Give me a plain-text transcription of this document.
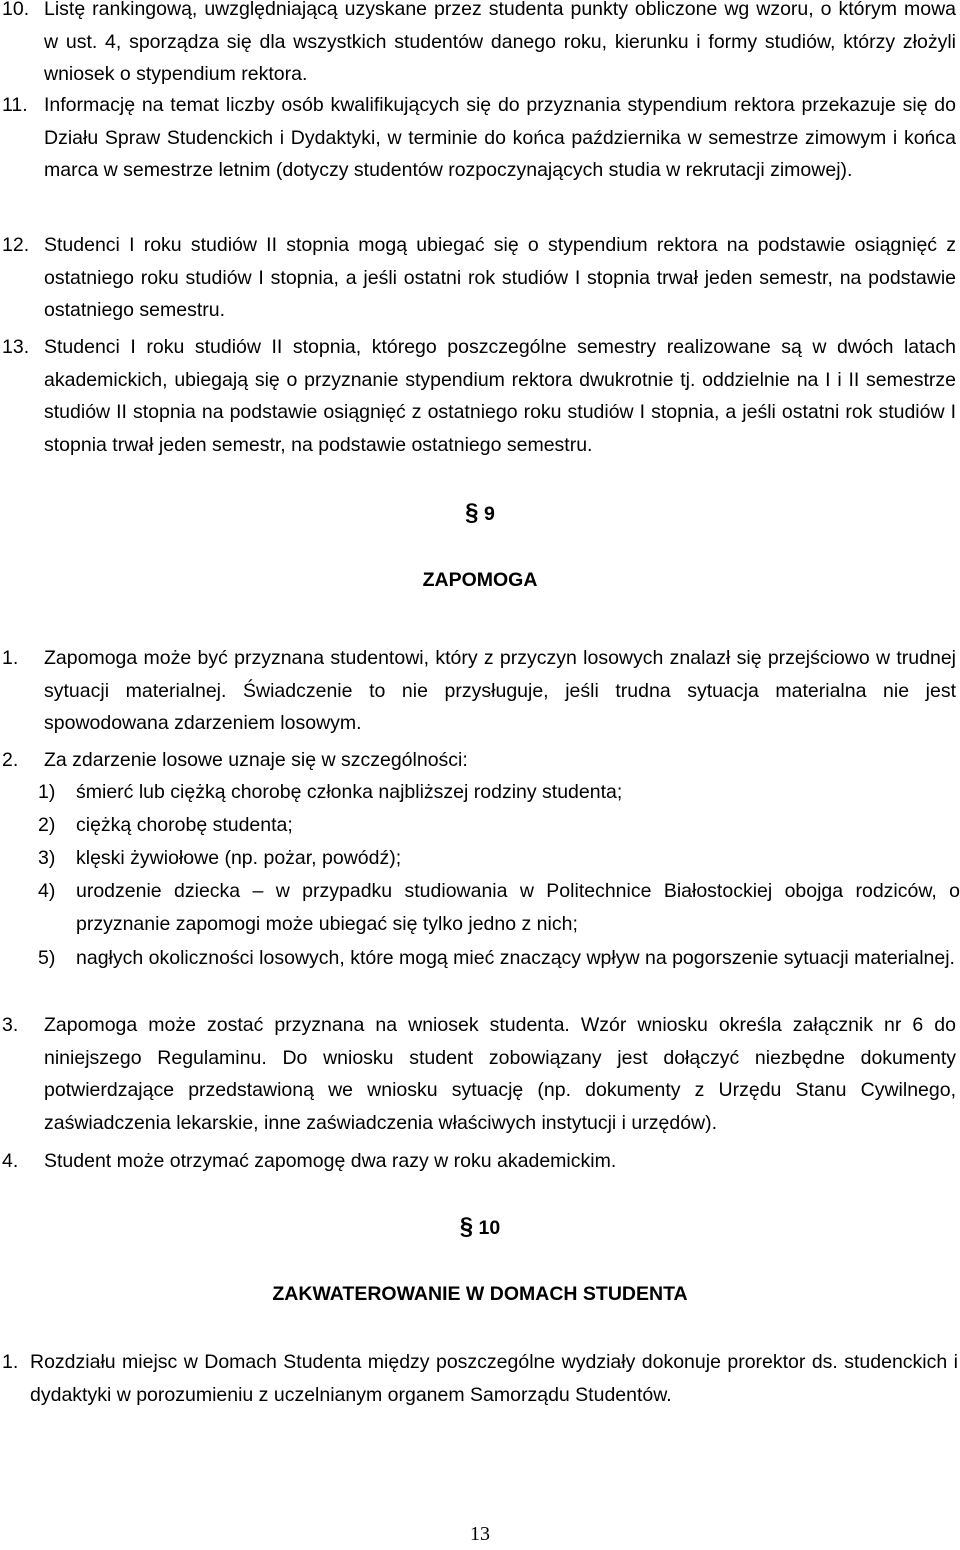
10. Listę rankingową, uwzględniającą uzyskane przez studenta punkty obliczone wg wzoru, o którym mowa w ust. 4, sporządza się dla wszystkich studentów danego roku, kierunku i formy studiów, którzy złożyli wniosek o stypendium rektora.
11. Informację na temat liczby osób kwalifikujących się do przyznania stypendium rektora przekazuje się do Działu Spraw Studenckich i Dydaktyki, w terminie do końca października w semestrze zimowym i końca marca w semestrze letnim (dotyczy studentów rozpoczynających studia w rekrutacji zimowej).
12. Studenci I roku studiów II stopnia mogą ubiegać się o stypendium rektora na podstawie osiągnięć z ostatniego roku studiów I stopnia, a jeśli ostatni rok studiów I stopnia trwał jeden semestr, na podstawie ostatniego semestru.
13. Studenci I roku studiów II stopnia, którego poszczególne semestry realizowane są w dwóch latach akademickich, ubiegają się o przyznanie stypendium rektora dwukrotnie tj. oddzielnie na I i II semestrze studiów II stopnia na podstawie osiągnięć z ostatniego roku studiów I stopnia, a jeśli ostatni rok studiów I stopnia trwał jeden semestr, na podstawie ostatniego semestru.
§ 9
ZAPOMOGA
1. Zapomoga może być przyznana studentowi, który z przyczyn losowych znalazł się przejściowo w trudnej sytuacji materialnej. Świadczenie to nie przysługuje, jeśli trudna sytuacja materialna nie jest spowodowana zdarzeniem losowym.
2. Za zdarzenie losowe uznaje się w szczególności:
1) śmierć lub ciężką chorobę członka najbliższej rodziny studenta;
2) ciężką chorobę studenta;
3) klęski żywiołowe (np. pożar, powódź);
4) urodzenie dziecka – w przypadku studiowania w Politechnice Białostockiej obojga rodziców, o przyznanie zapomogi może ubiegać się tylko jedno z nich;
5) nagłych okoliczności losowych, które mogą mieć znaczący wpływ na pogorszenie sytuacji materialnej.
3. Zapomoga może zostać przyznana na wniosek studenta. Wzór wniosku określa załącznik nr 6 do niniejszego Regulaminu. Do wniosku student zobowiązany jest dołączyć niezbędne dokumenty potwierdzające przedstawioną we wniosku sytuację (np. dokumenty z Urzędu Stanu Cywilnego, zaświadczenia lekarskie, inne zaświadczenia właściwych instytucji i urzędów).
4. Student może otrzymać zapomogę dwa razy w roku akademickim.
§ 10
ZAKWATEROWANIE W DOMACH STUDENTA
1. Rozdziału miejsc w Domach Studenta między poszczególne wydziały dokonuje prorektor ds. studenckich i dydaktyki w porozumieniu z uczelnianym organem Samorządu Studentów.
13
